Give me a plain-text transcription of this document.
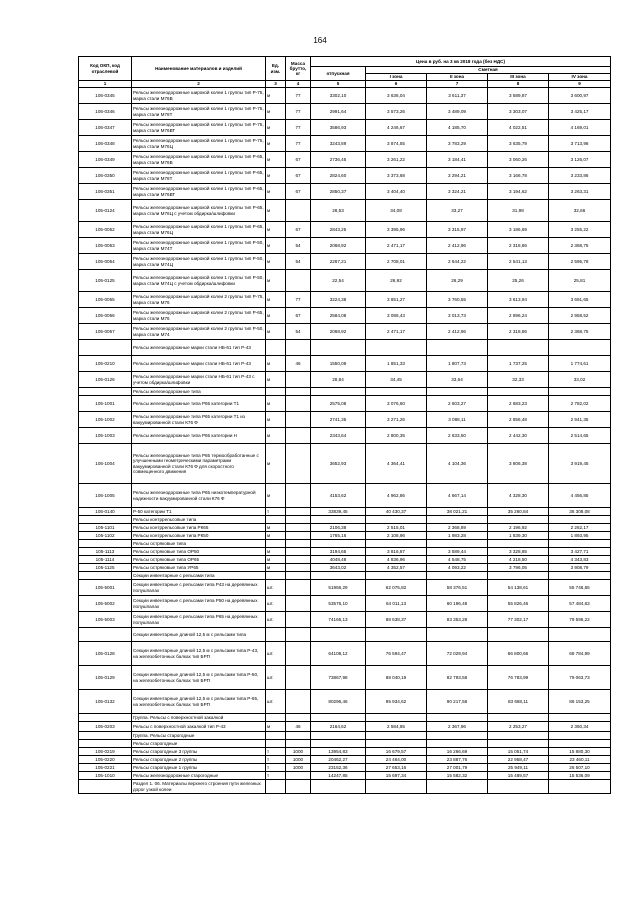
164
Код ОКП, код отраслевой	Наименование материалов и изделий	Ед. изм.	Масса брутто, кг	Цена в руб. на 3 кв 2018 года (без НДС)				
				отпускная	Сметная			
					I зона	II зона	III зона	IV зона
1	2	3	4	5	6	7	8	9
105-0345	Рельсы железнодорожные широкой колеи 1 группы тип Р-75, марка стали М76В	м	77	3302,10	3 636,04	3 611,37	3 589,87	3 600,97
105-0346	Рельсы железнодорожные широкой колеи 1 группы тип Р-75, марка стали М76Т	м	77	2991,64	3 573,26	3 489,09	3 303,07	3 425,17
105-0347	Рельсы железнодорожные широкой колеи 1 группы тип Р-75, марка стали М76ВТ	м	77	3586,93	4 246,67	4 185,70	4 022,51	4 169,01
105-0348	Рельсы железнодорожные широкой колеи 1 группы тип Р-75, марка стали М76Ц	м	77	3243,89	3 874,55	3 783,29	3 635,79	3 713,98
105-0349	Рельсы железнодорожные широкой колеи 1 группы тип Р-65, марка стали М76В	м	67	2736,45	3 261,22	3 184,41	3 060,26	3 126,07
105-0350	Рельсы железнодорожные широкой колеи 1 группы тип Р-65, марка стали М76Т	м	67	2824,60	3 373,68	3 294,21	3 166,78	3 233,86
105-0351	Рельсы железнодорожные широкой колеи 1 группы тип Р-65, марка стали М76ВТ	м	67	2850,37	3 404,40	3 324,21	3 194,62	3 263,31
105-0124	Рельсы железнодорожные широкой колеи 1 группы тип Р-65, марка стали М76Ц с учетом обдирка/шлифовки	м		28,53	34,08	33,27	31,98	32,66
105-0052	Рельсы железнодорожные широкой колеи 1 группы тип Р-65, марка стали М76Ц	м	67	2843,25	3 395,96	3 315,97	3 186,69	3 255,22
105-0053	Рельсы железнодорожные широкой колеи 1 группы тип Р-50, марка стали М74Т	м	54	2068,92	2 471,17	2 412,96	2 318,86	2 368,75
105-0054	Рельсы железнодорожные широкой колеи 1 группы тип Р-50, марка стали М74Ц	м	54	2267,21	2 708,01	2 644,22	2 541,13	2 595,78
105-0125	Рельсы железнодорожные широкой колеи 1 группы тип Р-50, марка стали М74Ц с учетом обдирка/шлифовки	м		22,54	26,92	26,29	25,26	25,81
105-0055	Рельсы железнодорожные широкой колеи 2 группы тип Р-75, марка стали М76	м	77	3224,38	3 851,27	3 760,55	3 613,94	3 691,65
105-0056	Рельсы железнодорожные широкой колеи 2 группы тип Р-65, марка стали М76	м	67	2584,08	3 086,43	3 013,73	2 896,24	2 958,52
105-0057	Рельсы железнодорожные широкой колеи 2 группы тип Р-50, марка стали М74	м	54	2068,92	2 471,17	2 412,96	2 318,86	2 368,75
	Рельсы железнодорожные марки стали НБ-61 тип Р-43							
105-0210	Рельсы железнодорожные марки стали НБ-61 тип Р-43	м	46	1550,09	1 851,33	1 807,73	1 737,25	1 774,61
105-0126	Рельсы железнодорожные марки стали НБ-61 тип Р-43 с учетом обдирка/шлифовки	м		28,84	34,45	33,64	32,33	33,02
	Рельсы железнодорожные типа							
105-1001	Рельсы железнодорожные типа Р65 категории Т1	м		2575,08	3 076,60	2 603,27	2 683,23	2 782,02
105-1002	Рельсы железнодорожные типа Р65 категории Т1 из вакуумированной стали К76 Ф	м		2741,35	3 271,26	3 088,11	2 856,48	2 941,35
105-1003	Рельсы железнодорожные типа Р65 категории Н	м		2343,64	2 800,35	2 633,50	2 442,30	2 514,65
105-1004	Рельсы железнодорожные типа Р65 термообработанные с улучшенными геометрическими параметрами вакуумированной стали К76 Ф для скоростного совмещенного движения	м		3652,93	4 364,41	4 104,36	3 806,38	3 919,45
105-1005	Рельсы железнодорожные типа Р65 низкотемпературной надежности вакуумированной стали К76 Ф	м		4153,62	4 962,86	4 667,14	4 328,30	4 456,85
105-0140	Р-50 категории Т1	т		33839,45	40 430,37	38 021,21	35 260,84	36 308,08
	Рельсы контррельсовые типа							
105-1101	Рельсы контррельсовые типа РК65	м		2106,38	2 515,01	2 368,89	2 196,92	2 262,17
105-1102	Рельсы контррельсовые типа РК50	м		1765,16	2 108,96	1 983,28	1 839,30	1 893,95
	Рельсы остряковые типа							
105-1113	Рельсы остряковые типа ОР50	м		3194,65	3 816,87	3 589,44	3 328,85	3 427,71
105-1114	Рельсы остряковые типа ОР65	м		4048,48	4 836,96	4 548,75	4 218,50	4 343,83
105-1125	Рельсы остряковые типа УР65	м		3643,02	4 352,57	4 093,22	3 796,05	3 908,79
	Секции инвентарные с рельсами типа							
105-5001	Секции инвентарные с рельсами типа Р43 на деревянных полушпалах	шт.		51956,29	62 075,82	58 376,51	54 138,61	55 746,65
105-5002	Секции инвентарные с рельсами типа Р50 на деревянных полушпалах	шт.		53576,10	64 011,13	60 196,48	55 826,46	57 484,63
105-5003	Секции инвентарные с рельсами типа Р65 на деревянных полушпалах	шт.		74166,13	88 638,37	83 353,28	77 302,17	79 596,22
	Секции инвентарные длиной 12,5 м с рельсами типа							
105-0128	Секции инвентарные длиной 12,5 м с рельсами типа Р-43, на железобетонных балках тип БРП	шт.		64108,12	76 594,47	72 029,94	66 800,66	68 784,99
105-0129	Секции инвентарные длиной 12,5 м с рельсами типа Р-50, на железобетонных балках тип БРП	шт.		73867,98	88 040,19	82 793,58	76 783,99	79 063,73
105-0132	Секции инвентарные длиной 12,5 м с рельсами типа Р-65, на железобетонных балках тип БРП	шт.		80296,46	95 934,62	90 217,58	83 668,11	86 153,25
	Группа. Рельсы с поверхностной закалкой							
105-0203	Рельсы с поверхностной закалкой тип Р-43	м	46	2164,62	2 584,85	2 367,96	2 253,27	2 360,34
	Группа. Рельсы старогодные							
	Рельсы старогодные							
105-0219	Рельсы старогодные 3 группы	т	1000	13954,83	16 679,57	16 266,69	15 051,74	15 880,30
105-0220	Рельсы старогодные 2 группы	т	1000	20462,27	24 464,00	23 887,76	22 958,47	23 460,11
105-0221	Рельсы старогодные 1 группы	т	1000	23152,36	27 653,16	27 001,79	25 949,11	26 507,10
105-1010	Рельсы железнодорожные старогодные	т		14247,85	15 697,34	15 582,32	15 489,57	15 536,09
	Раздел 1. 06. Материалы верхнего строения пути железных дорог узкой колеи							
